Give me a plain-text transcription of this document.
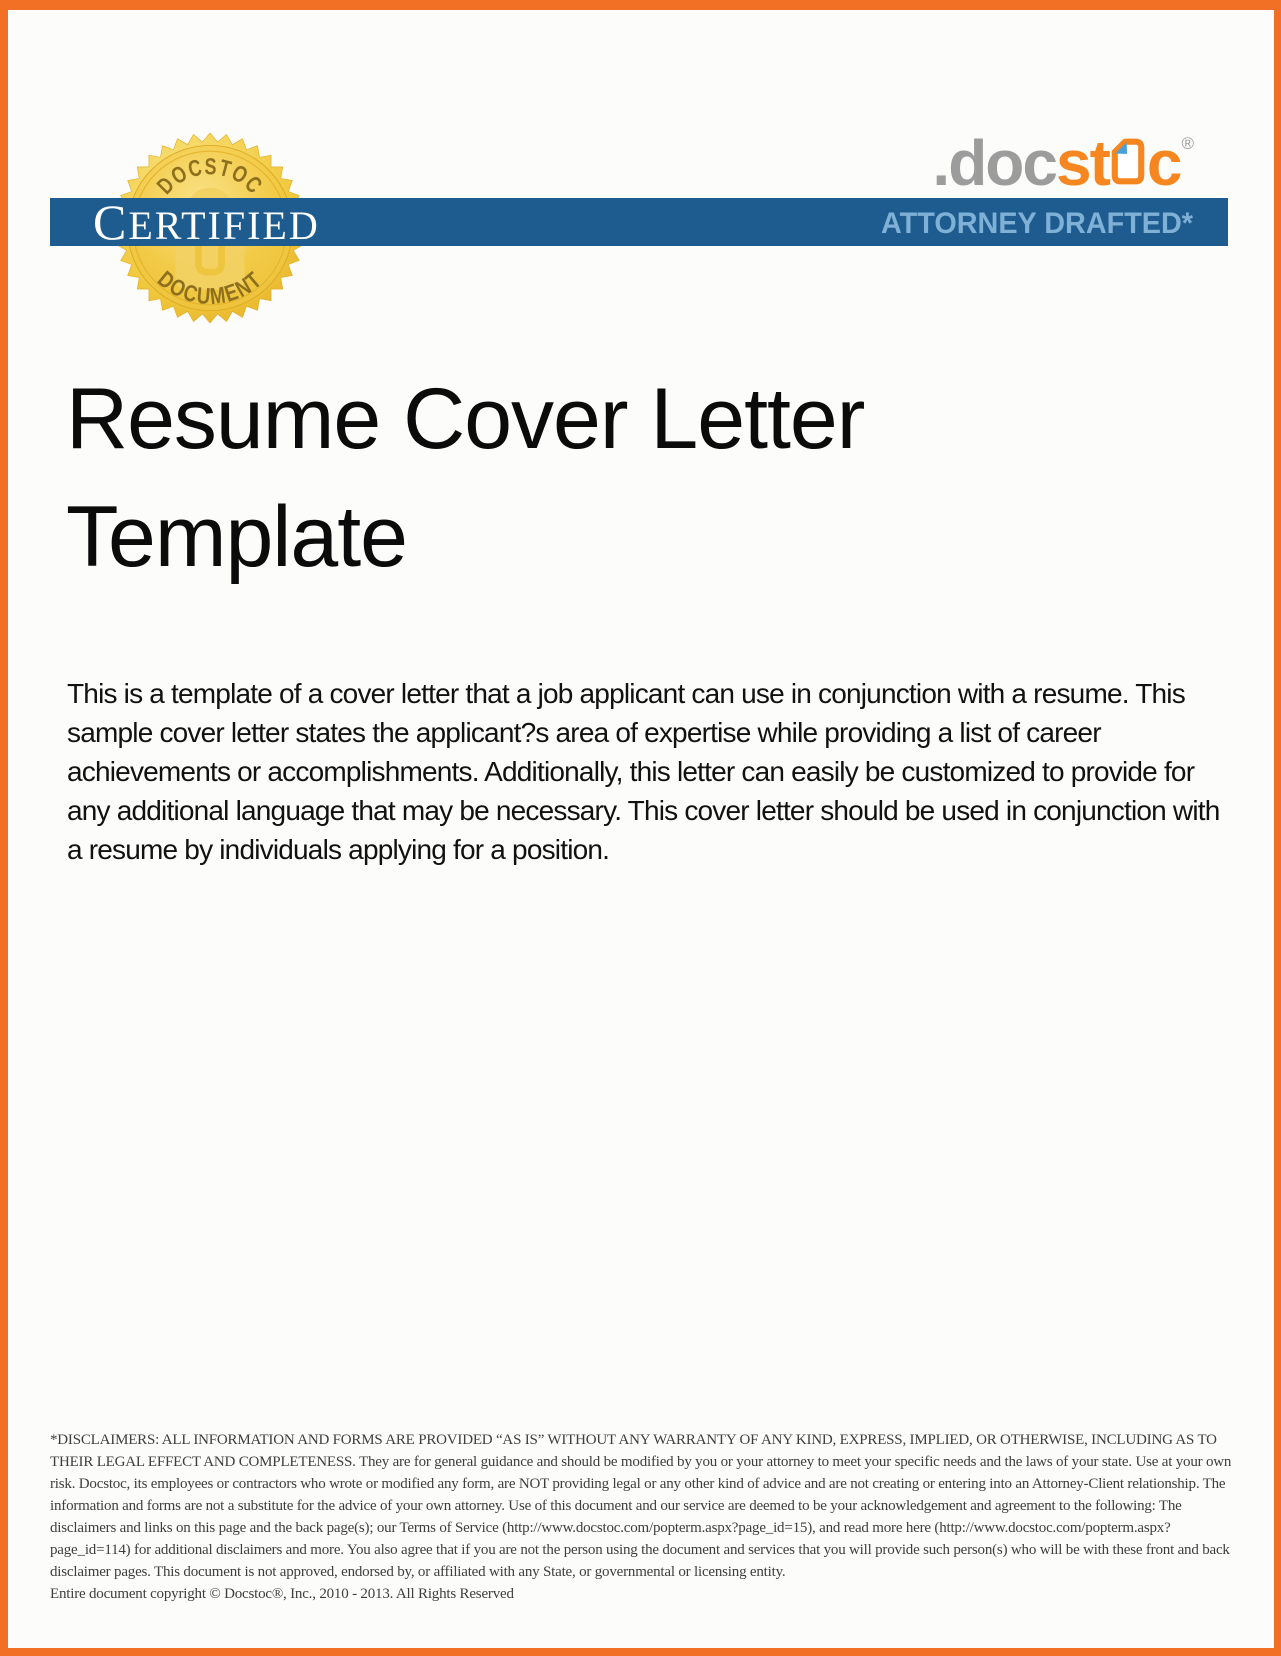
DOCSTOC
DOCUMENT
CERTIFIED	ATTORNEY DRAFTED*
.docst c®
Resume Cover Letter Template
This is a template of a cover letter that a job applicant can use in conjunction with a resume. This sample cover letter states the applicant?s area of expertise while providing a list of career achievements or accomplishments. Additionally, this letter can easily be customized to provide for any additional language that may be necessary. This cover letter should be used in conjunction with a resume by individuals applying for a position.

*DISCLAIMERS: ALL INFORMATION AND FORMS ARE PROVIDED “AS IS” WITHOUT ANY WARRANTY OF ANY KIND, EXPRESS, IMPLIED, OR OTHERWISE, INCLUDING AS TO THEIR LEGAL EFFECT AND COMPLETENESS. They are for general guidance and should be modified by you or your attorney to meet your specific needs and the laws of your state. Use at your own risk. Docstoc, its employees or contractors who wrote or modified any form, are NOT providing legal or any other kind of advice and are not creating or entering into an Attorney-Client relationship. The information and forms are not a substitute for the advice of your own attorney. Use of this document and our service are deemed to be your acknowledgement and agreement to the following: The disclaimers and links on this page and the back page(s); our Terms of Service (http://www.docstoc.com/popterm.aspx?page_id=15), and read more here (http://www.docstoc.com/popterm.aspx?page_id=114) for additional disclaimers and more. You also agree that if you are not the person using the document and services that you will provide such person(s) who will be with these front and back disclaimer pages. This document is not approved, endorsed by, or affiliated with any State, or governmental or licensing entity.

Entire document copyright © Docstoc®, Inc., 2010 - 2013. All Rights Reserved
